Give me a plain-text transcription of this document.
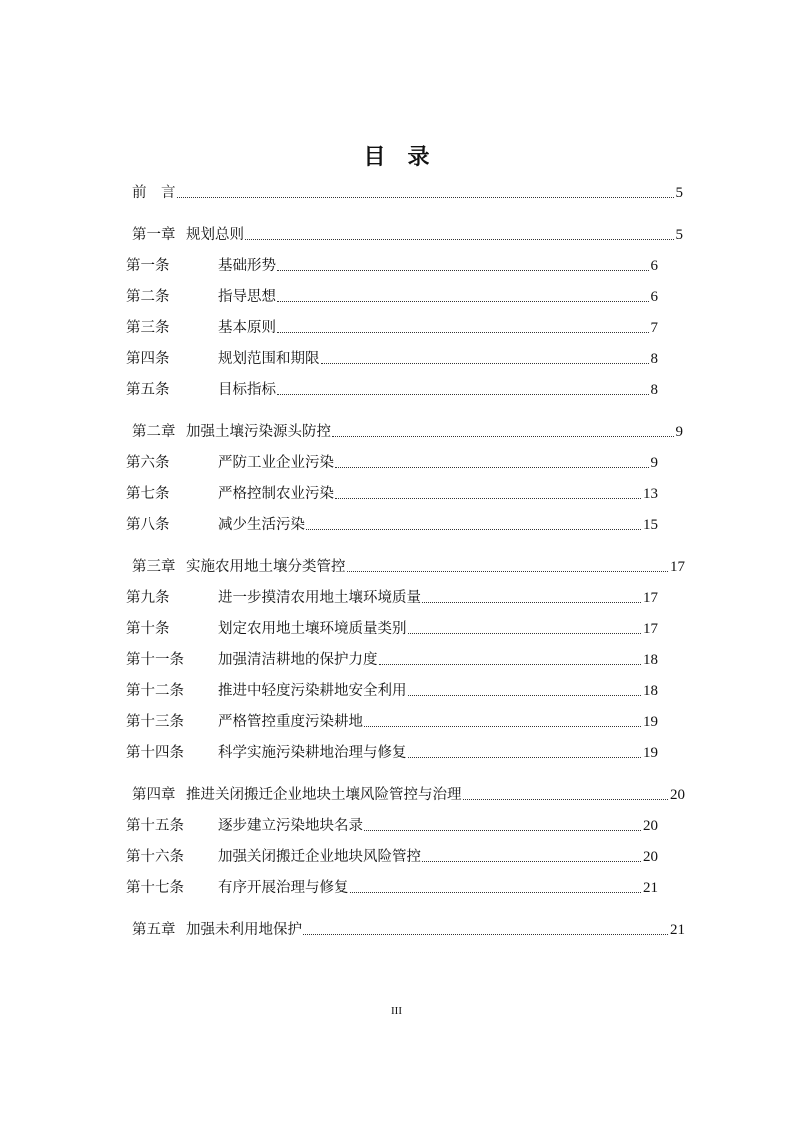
目 录
前　言	5
第一章 规划总则	5
第一条	基础形势	6
第二条	指导思想	6
第三条	基本原则	7
第四条	规划范围和期限	8
第五条	目标指标	8
第二章 加强土壤污染源头防控	9
第六条	严防工业企业污染	9
第七条	严格控制农业污染	13
第八条	减少生活污染	15
第三章 实施农用地土壤分类管控	17
第九条	进一步摸清农用地土壤环境质量	17
第十条	划定农用地土壤环境质量类别	17
第十一条	加强清洁耕地的保护力度	18
第十二条	推进中轻度污染耕地安全利用	18
第十三条	严格管控重度污染耕地	19
第十四条	科学实施污染耕地治理与修复	19
第四章 推进关闭搬迁企业地块土壤风险管控与治理	20
第十五条	逐步建立污染地块名录	20
第十六条	加强关闭搬迁企业地块风险管控	20
第十七条	有序开展治理与修复	21
第五章 加强未利用地保护	21
III
